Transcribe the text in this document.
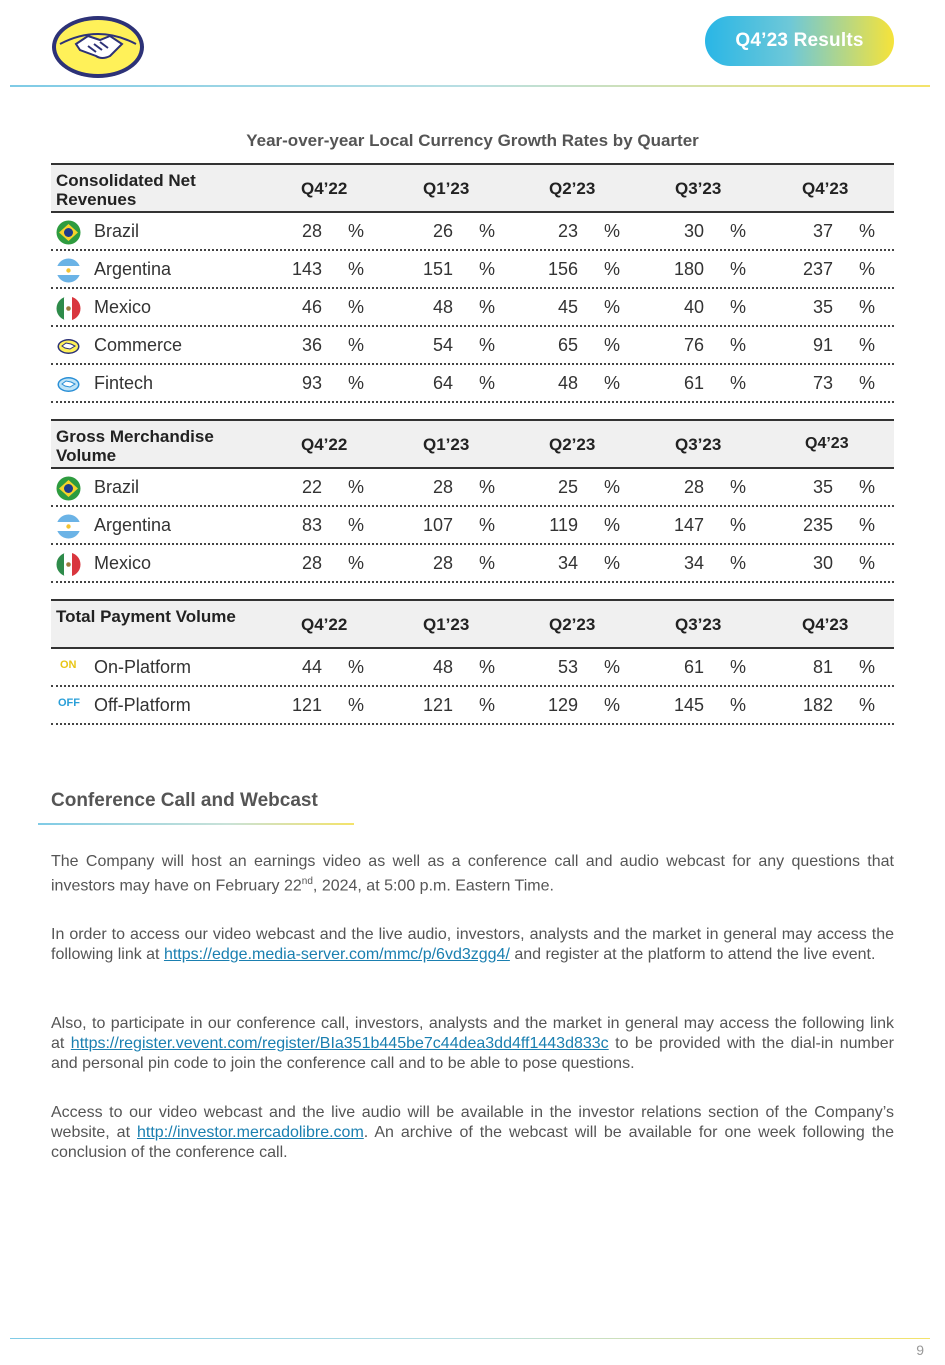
Q4’23 Results
Year-over-year Local Currency Growth Rates by Quarter
Consolidated Net Revenues
Q4’22	Q1’23	Q2’23	Q3’23	Q4’23
Brazil	28 %	26 %	23 %	30 %	37 %
Argentina	143 %	151 %	156 %	180 %	237 %
Mexico	46 %	48 %	45 %	40 %	35 %
Commerce	36 %	54 %	65 %	76 %	91 %
Fintech	93 %	64 %	48 %	61 %	73 %
Gross Merchandise Volume
Q4’22	Q1’23	Q2’23	Q3’23	Q4’23
Brazil	22 %	28 %	25 %	28 %	35 %
Argentina	83 %	107 %	119 %	147 %	235 %
Mexico	28 %	28 %	34 %	34 %	30 %
Total Payment Volume	Q4’22	Q1’23	Q2’23	Q3’23	Q4’23
ON On-Platform	44 %	48 %	53 %	61 %	81 %
OFF Off-Platform	121 %	121 %	129 %	145 %	182 %
Conference Call and Webcast
The Company will host an earnings video as well as a conference call and audio webcast for any questions that investors may have on February 22nd, 2024, at 5:00 p.m. Eastern Time.
In order to access our video webcast and the live audio, investors, analysts and the market in general may access the following link at https://edge.media-server.com/mmc/p/6vd3zgg4/ and register at the platform to attend the live event.
Also, to participate in our conference call, investors, analysts and the market in general may access the following link at https://register.vevent.com/register/BIa351b445be7c44dea3dd4ff1443d833c to be provided with the dial-in number and personal pin code to join the conference call and to be able to pose questions.
Access to our video webcast and the live audio will be available in the investor relations section of the Company’s website, at http://investor.mercadolibre.com. An archive of the webcast will be available for one week following the conclusion of the conference call.
9
